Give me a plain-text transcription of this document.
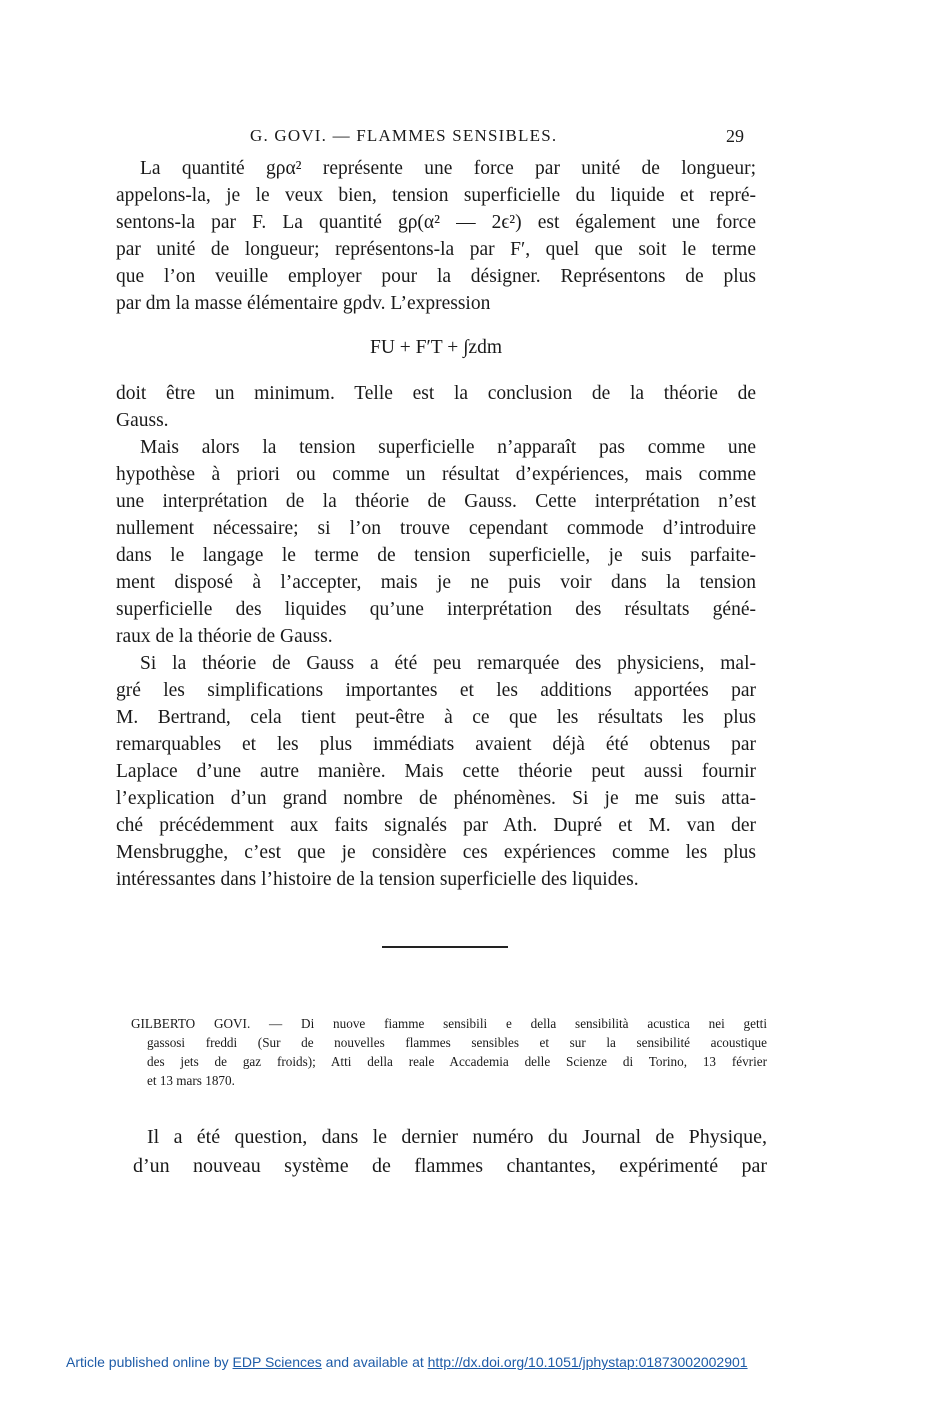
G. GOVI. — FLAMMES SENSIBLES.	29
La quantité gρα² représente une force par unité de longueur;
appelons-la, je le veux bien, tension superficielle du liquide et repré-
sentons-la par F. La quantité gρ(α² — 2ϵ²) est également une force
par unité de longueur; représentons-la par F′, quel que soit le terme
que l’on veuille employer pour la désigner. Représentons de plus
par dm la masse élémentaire gρdv. L’expression
FU + F′T + ∫zdm
doit être un minimum. Telle est la conclusion de la théorie de
Gauss.
Mais alors la tension superficielle n’apparaît pas comme une
hypothèse à priori ou comme un résultat d’expériences, mais comme
une interprétation de la théorie de Gauss. Cette interprétation n’est
nullement nécessaire; si l’on trouve cependant commode d’introduire
dans le langage le terme de tension superficielle, je suis parfaite-
ment disposé à l’accepter, mais je ne puis voir dans la tension
superficielle des liquides qu’une interprétation des résultats géné-
raux de la théorie de Gauss.
Si la théorie de Gauss a été peu remarquée des physiciens, mal-
gré les simplifications importantes et les additions apportées par
M. Bertrand, cela tient peut-être à ce que les résultats les plus
remarquables et les plus immédiats avaient déjà été obtenus par
Laplace d’une autre manière. Mais cette théorie peut aussi fournir
l’explication d’un grand nombre de phénomènes. Si je me suis atta-
ché précédemment aux faits signalés par Ath. Dupré et M. van der
Mensbrugghe, c’est que je considère ces expériences comme les plus
intéressantes dans l’histoire de la tension superficielle des liquides.
GILBERTO GOVI. — Di nuove fiamme sensibili e della sensibilità acustica nei getti
gassosi freddi (Sur de nouvelles flammes sensibles et sur la sensibilité acoustique
des jets de gaz froids); Atti della reale Accademia delle Scienze di Torino, 13 février
et 13 mars 1870.
Il a été question, dans le dernier numéro du Journal de Physique,
d’un nouveau système de flammes chantantes, expérimenté par
Article published online by EDP Sciences and available at http://dx.doi.org/10.1051/jphystap:01873002002901
